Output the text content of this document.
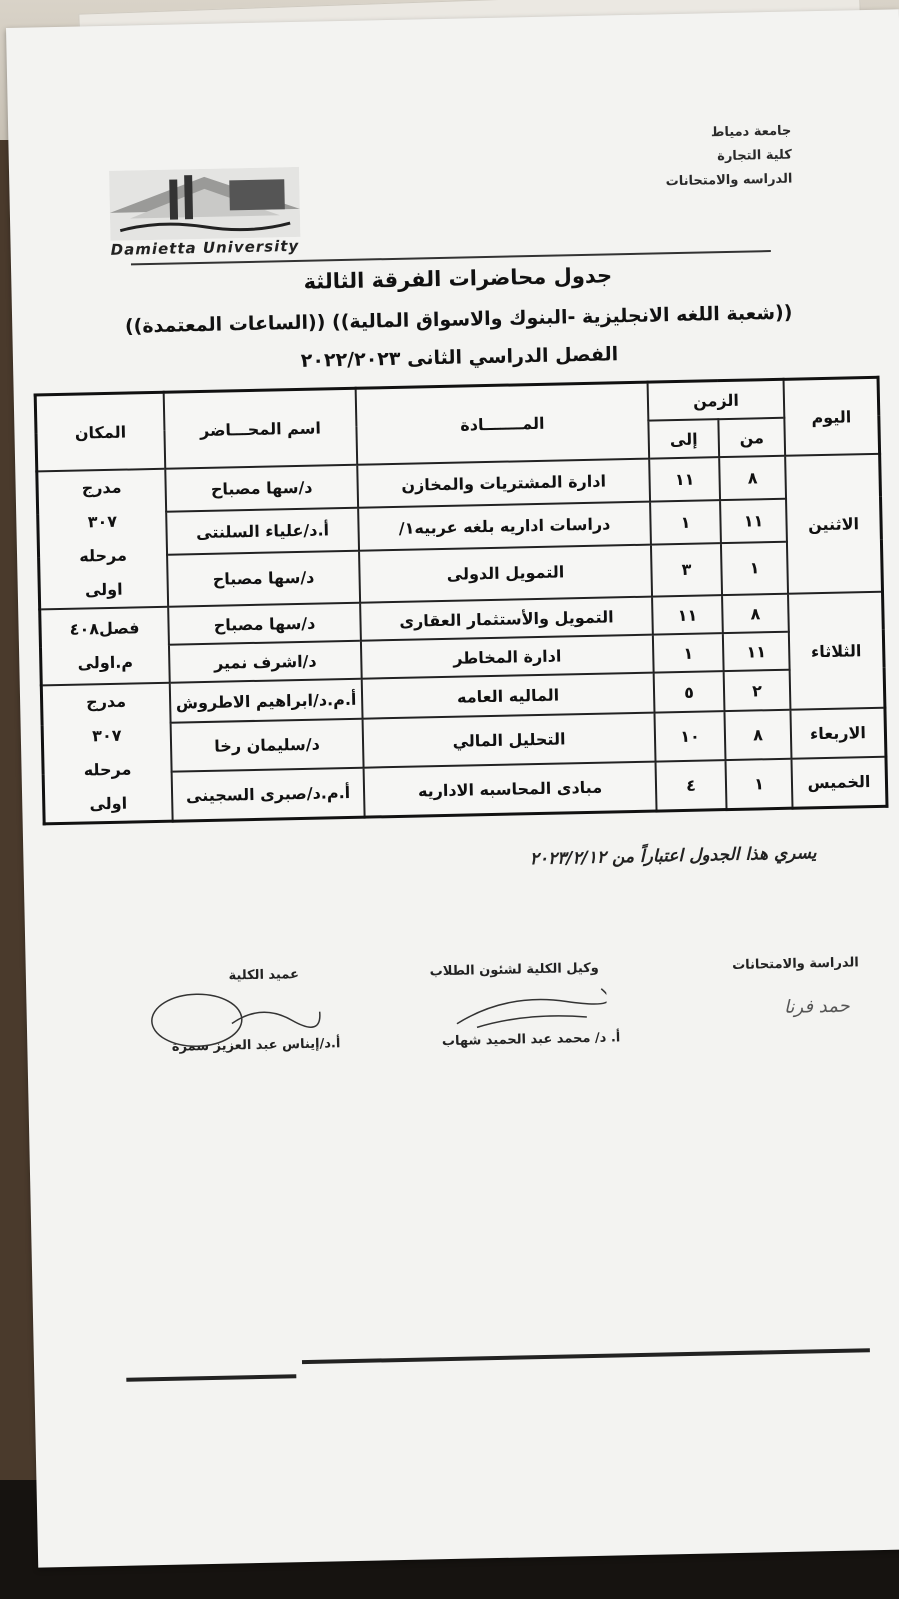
جامعة دمياط
كلية التجارة
الدراسه والامتحانات
Damietta University
جدول محاضرات الفرقة الثالثة
((شعبة اللغه الانجليزية -البنوك والاسواق المالية)) ((الساعات المعتمدة))
الفصل الدراسي الثانى ٢٠٢٢/٢٠٢٣
اليوم	الزمن		المـــــــادة	اسم المحـــاضر	المكان
	من	إلى			
الاثنين	٨	١١	ادارة المشتريات والمخازن	د/سها مصباح	مدرج
٣٠٧
مرحله
اولى

	١١	١	دراسات اداريه بلغه عربيه١/	أ.د/علياء السلنتى	
	١	٣	التمويل الدولى	د/سها مصباح	
الثلاثاء	٨	١١	التمويل والأستثمار العقارى	د/سها مصباح	فصل٤٠٨
م.اولى

	١١	١	ادارة المخاطر	د/اشرف نمير	
	٢	٥	الماليه العامه	أ.م.د/ابراهيم الاطروش	مدرج
٣٠٧
مرحله
اولى

الاربعاء	٨	١٠	التحليل المالي	د/سليمان رخا	
الخميس	١	٤	مبادى المحاسبه الاداريه	أ.م.د/صبرى السجينى	
يسري هذا الجدول اعتباراً من ٢٠٢٣/٢/١٢
الدراسة والامتحانات
حمد فرنا
وكيل الكلية لشئون الطلاب
أ. د/ محمد عبد الحميد شهاب
عميد الكلية
أ.د/إيناس عبد العزيز سمرة
